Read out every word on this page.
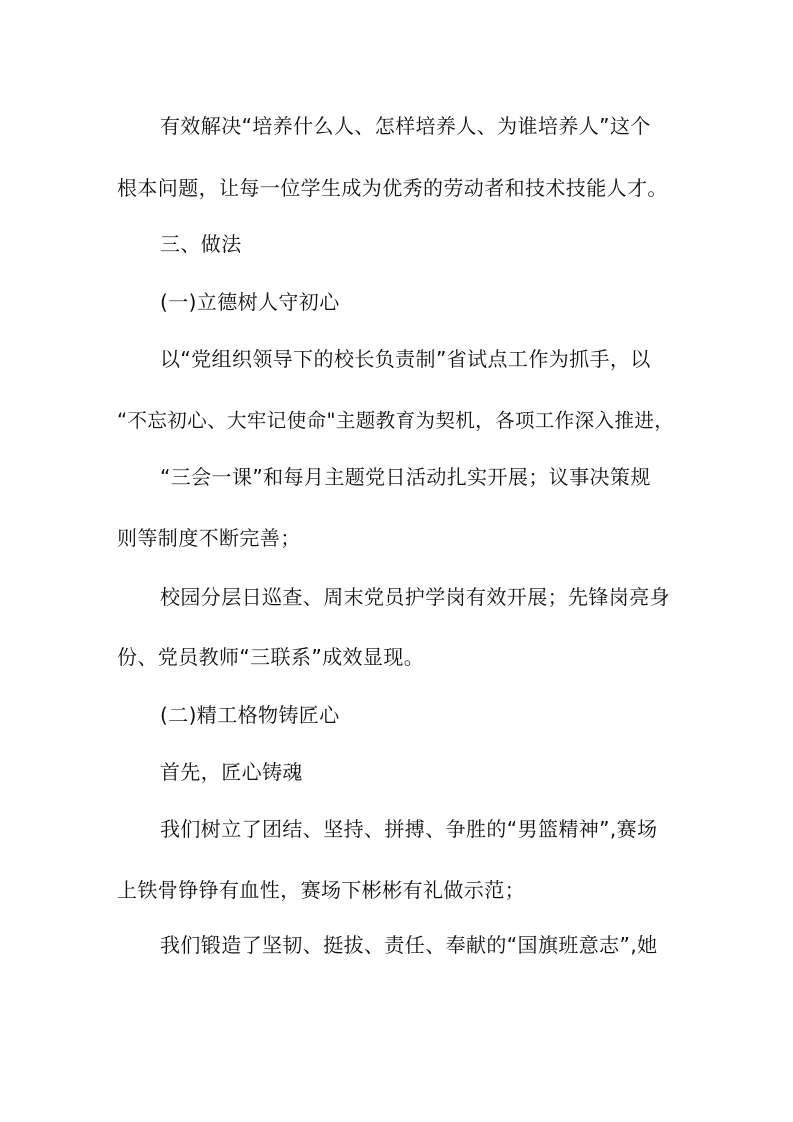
有效解决“培养什么人、怎样培养人、为谁培养人”这个
根本问题，让每一位学生成为优秀的劳动者和技术技能人才。
三、做法
(一)立德树人守初心
以“党组织领导下的校长负责制”省试点工作为抓手，以
“不忘初心、大牢记使命"主题教育为契机，各项工作深入推进，
“三会一课”和每月主题党日活动扎实开展；议事决策规
则等制度不断完善；
校园分层日巡查、周末党员护学岗有效开展；先锋岗亮身
份、党员教师“三联系”成效显现。
(二)精工格物铸匠心
首先，匠心铸魂
我们树立了团结、坚持、拼搏、争胜的“男篮精神”,赛场
上铁骨铮铮有血性，赛场下彬彬有礼做示范；
我们锻造了坚韧、挺拔、责任、奉献的“国旗班意志”,她
